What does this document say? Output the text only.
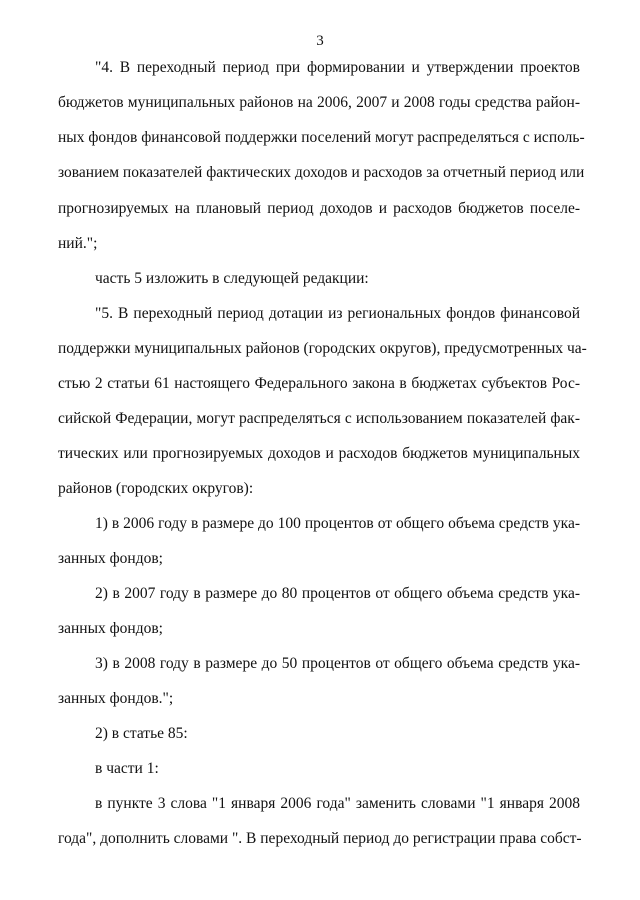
3
"4. В переходный период при формировании и утверждении проектов
бюджетов муниципальных районов на 2006, 2007 и 2008 годы средства район-
ных фондов финансовой поддержки поселений могут распределяться с исполь-
зованием показателей фактических доходов и расходов за отчетный период или
прогнозируемых на плановый период доходов и расходов бюджетов поселе-
ний.";
часть 5 изложить в следующей редакции:
"5. В переходный период дотации из региональных фондов финансовой
поддержки муниципальных районов (городских округов), предусмотренных ча-
стью 2 статьи 61 настоящего Федерального закона в бюджетах субъектов Рос-
сийской Федерации, могут распределяться с использованием показателей фак-
тических или прогнозируемых доходов и расходов бюджетов муниципальных
районов (городских округов):
1) в 2006 году в размере до 100 процентов от общего объема средств ука-
занных фондов;
2) в 2007 году в размере до 80 процентов от общего объема средств ука-
занных фондов;
3) в 2008 году в размере до 50 процентов от общего объема средств ука-
занных фондов.";
2) в статье 85:
в части 1:
в пункте 3 слова "1 января 2006 года" заменить словами "1 января 2008
года", дополнить словами ". В переходный период до регистрации права собст-
